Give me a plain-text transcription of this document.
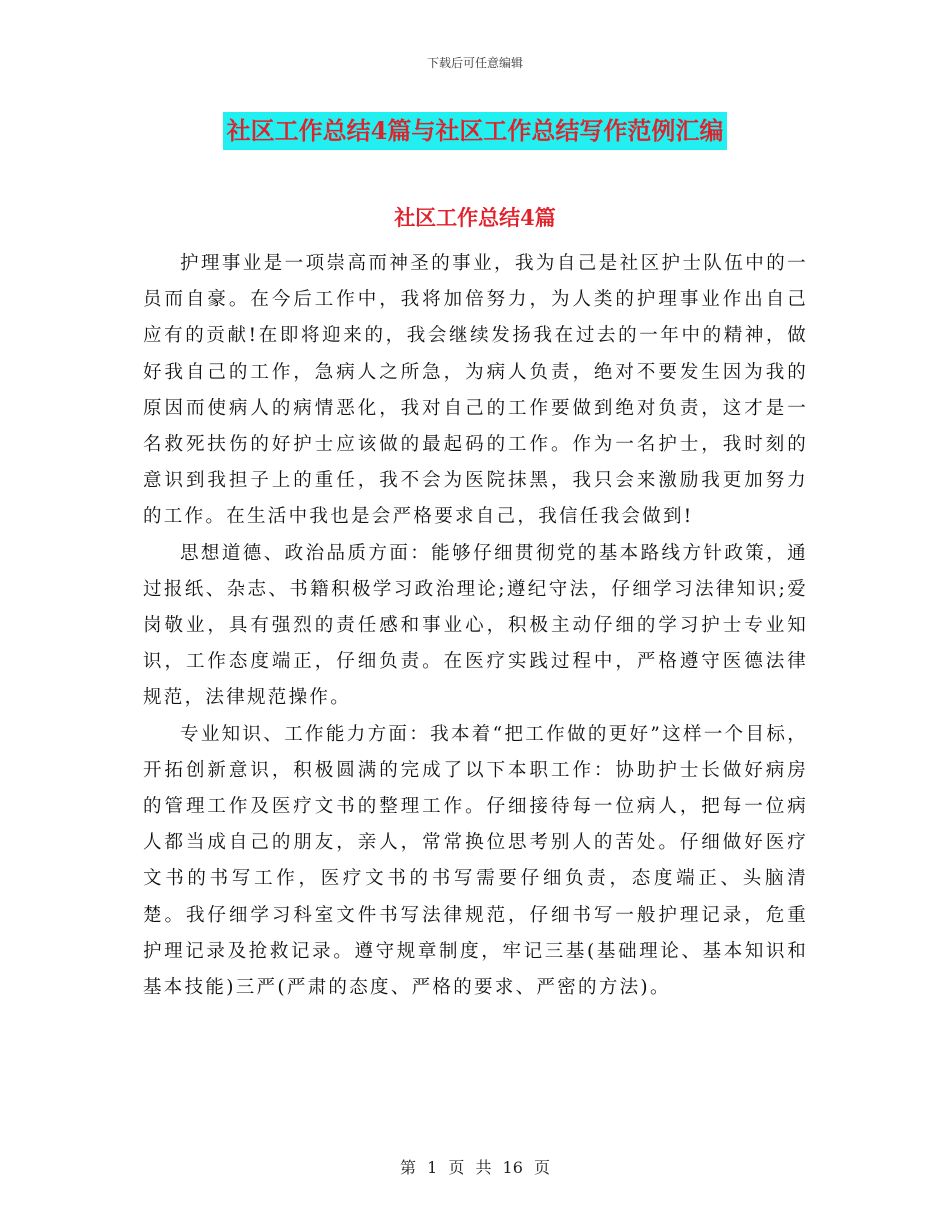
下载后可任意编辑
社区工作总结4篇与社区工作总结写作范例汇编
社区工作总结4篇

护理事业是一项崇高而神圣的事业，我为自己是社区护士队伍中的一员而自豪。在今后工作中，我将加倍努力，为人类的护理事业作出自己应有的贡献!在即将迎来的，我会继续发扬我在过去的一年中的精神，做好我自己的工作，急病人之所急，为病人负责，绝对不要发生因为我的原因而使病人的病情恶化，我对自己的工作要做到绝对负责，这才是一名救死扶伤的好护士应该做的最起码的工作。作为一名护士，我时刻的意识到我担子上的重任，我不会为医院抹黑，我只会来激励我更加努力的工作。在生活中我也是会严格要求自己，我信任我会做到!

思想道德、政治品质方面：能够仔细贯彻党的基本路线方针政策，通过报纸、杂志、书籍积极学习政治理论;遵纪守法，仔细学习法律知识;爱岗敬业，具有强烈的责任感和事业心，积极主动仔细的学习护士专业知识，工作态度端正，仔细负责。在医疗实践过程中，严格遵守医德法律规范，法律规范操作。

专业知识、工作能力方面：我本着“把工作做的更好”这样一个目标，开拓创新意识，积极圆满的完成了以下本职工作：协助护士长做好病房的管理工作及医疗文书的整理工作。仔细接待每一位病人，把每一位病人都当成自己的朋友，亲人，常常换位思考别人的苦处。仔细做好医疗文书的书写工作，医疗文书的书写需要仔细负责，态度端正、头脑清楚。我仔细学习科室文件书写法律规范，仔细书写一般护理记录，危重护理记录及抢救记录。遵守规章制度，牢记三基(基础理论、基本知识和基本技能)三严(严肃的态度、严格的要求、严密的方法)。

第 1 页 共 16 页
